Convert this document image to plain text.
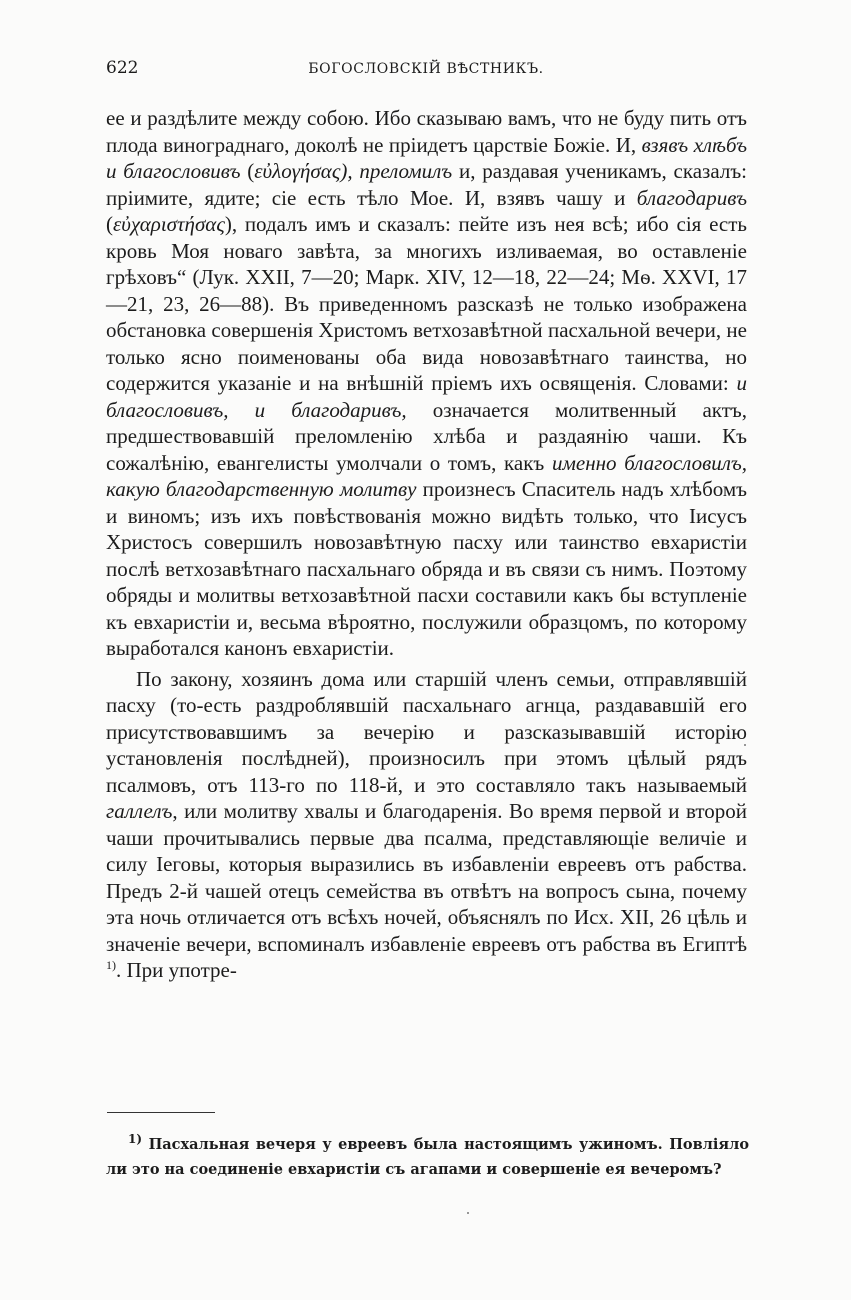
622	БОГОСЛОВСКІЙ ВѢСТНИКЪ.

ее и раздѣлите между собою. Ибо сказываю вамъ, что не буду пить отъ плода винограднаго, доколѣ не пріидетъ царствіе Божіе. И, взявъ хлѣбъ и благословивъ (εὐλογήσας), преломилъ и, раздавая ученикамъ, сказалъ: пріимите, ядите; сіе есть тѣло Мое. И, взявъ чашу и благодаривъ (εὐχαριστήσας), подалъ имъ и сказалъ: пейте изъ нея всѣ; ибо сія есть кровь Моя новаго завѣта, за многихъ изливаемая, во оставленіе грѣховъ“ (Лук. XXII, 7—20; Марк. XIV, 12—18, 22—24; Мѳ. XXVI, 17—21, 23, 26—88). Въ приведенномъ разсказѣ не только изображена обстановка совершенія Христомъ ветхозавѣтной пасхальной вечери, не только ясно поименованы оба вида новозавѣтнаго таинства, но содержится указаніе и на внѣшній пріемъ ихъ освященія. Словами: и благословивъ, и благодаривъ, означается молитвенный актъ, предшествовавшій преломленію хлѣба и раздаянію чаши. Къ сожалѣнію, евангелисты умолчали о томъ, какъ именно благословилъ, какую благодарственную молитву произнесъ Спаситель надъ хлѣбомъ и виномъ; изъ ихъ повѣствованія можно видѣть только, что Іисусъ Христосъ совершилъ новозавѣтную пасху или таинство евхаристіи послѣ ветхозавѣтнаго пасхальнаго обряда и въ связи съ нимъ. Поэтому обряды и молитвы ветхозавѣтной пасхи составили какъ бы вступленіе къ евхаристіи и, весьма вѣроятно, послужили образцомъ, по которому выработался канонъ евхаристіи.

По закону, хозяинъ дома или старшій членъ семьи, отправлявшій пасху (то-есть раздроблявшій пасхальнаго агнца, раздававшій его присутствовавшимъ за вечерію и разсказывавшій исторію установленія послѣдней), произносилъ при этомъ цѣлый рядъ псалмовъ, отъ 113-го по 118-й, и это составляло такъ называемый галлелъ, или молитву хвалы и благодаренія. Во время первой и второй чаши прочитывались первые два псалма, представляющіе величіе и силу Іеговы, которыя выразились въ избавленіи евреевъ отъ рабства. Предъ 2-й чашей отецъ семейства въ отвѣтъ на вопросъ сына, почему эта ночь отличается отъ всѣхъ ночей, объяснялъ по Исх. XII, 26 цѣль и значеніе вечери, вспоминалъ избавленіе евреевъ отъ рабства въ Египтѣ $^{1)}$. При употре-

$^{1)}$ Пасхальная вечеря у евреевъ была настоящимъ ужиномъ. Повліяло ли это на соединеніе евхаристіи съ агапами и совершеніе ея вечеромъ?
